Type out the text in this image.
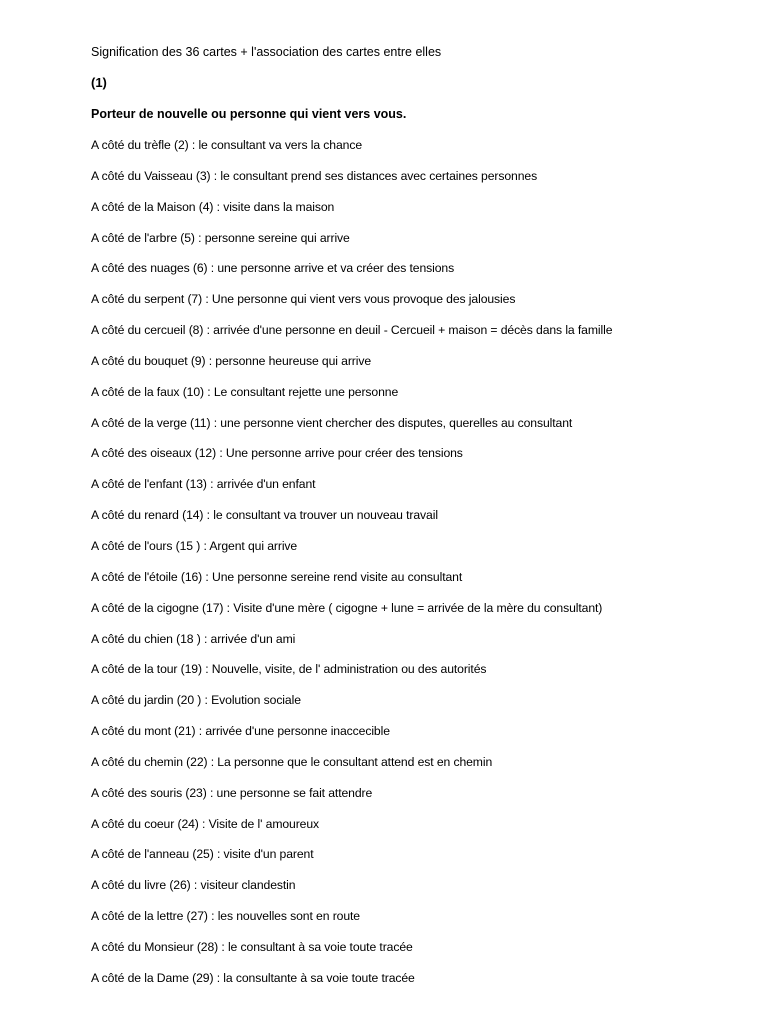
Signification des 36 cartes + l'association des cartes entre elles

(1)
Porteur de nouvelle ou personne qui vient vers vous.
A côté du trèfle (2) : le consultant va vers la chance
A côté du Vaisseau (3) : le consultant prend ses distances avec certaines personnes
A côté de la Maison (4) : visite dans la maison
A côté de l'arbre (5) : personne sereine qui arrive
A côté des nuages (6) : une personne arrive et va créer des tensions
A côté du serpent (7) : Une personne qui vient vers vous provoque des jalousies
A côté du cercueil (8) : arrivée d'une personne en deuil - Cercueil + maison = décès dans la famille
A côté du bouquet (9) : personne heureuse qui arrive
A côté de la faux (10) : Le consultant rejette une personne
A côté de la verge (11) : une personne vient chercher des disputes, querelles au consultant
A côté des oiseaux (12) : Une personne arrive pour créer des tensions
A côté de l'enfant (13) : arrivée d'un enfant
A côté du renard (14) : le consultant va trouver un nouveau travail
A côté de l'ours (15 ) : Argent qui arrive
A côté de l'étoile (16) : Une personne sereine rend visite au consultant
A côté de la cigogne (17) : Visite d'une mère ( cigogne + lune = arrivée de la mère du consultant)
A côté du chien (18 ) : arrivée d'un ami
A côté de la tour (19) : Nouvelle, visite, de l' administration ou des autorités
A côté du jardin (20 ) : Evolution sociale
A côté du mont (21) : arrivée d'une personne inaccecible
A côté du chemin (22) : La personne que le consultant attend est en chemin
A côté des souris (23) : une personne se fait attendre
A côté du coeur (24) : Visite de l' amoureux
A côté de l'anneau (25) : visite d'un parent
A côté du livre (26) : visiteur clandestin
A côté de la lettre (27) : les nouvelles sont en route
A côté du Monsieur (28) : le consultant à sa voie toute tracée
A côté de la Dame (29) : la consultante à sa voie toute tracée
